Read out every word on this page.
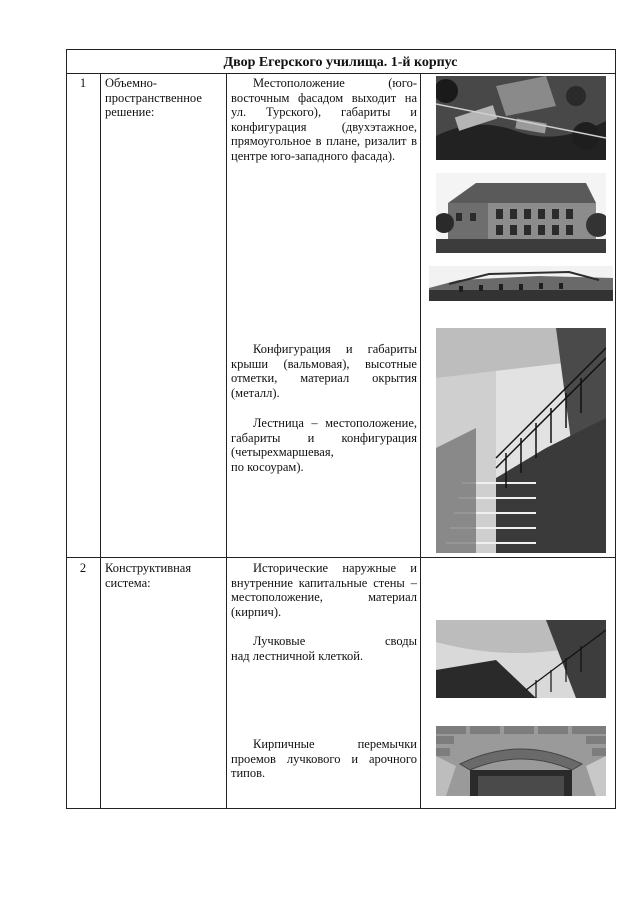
Двор Егерского училища. 1-й корпус
1	Объемно-пространственное решение:
Местоположение (юго-восточным фасадом выходит на ул. Турского), габариты и конфигурация (двухэтажное, прямоугольное в плане, ризалит в центре юго-западного фасада).
Конфигурация и габариты крыши (вальмовая), высотные отметки, материал окрытия (металл).
Лестница – местоположение, габариты и конфигурация (четырехмаршевая,
по косоурам).
2	Конструктивная система:
Исторические наружные и внутренние капитальные стены – местоположение, материал (кирпич).
Лучковые своды
над лестничной клеткой.
Кирпичные перемычки проемов лучкового и арочного типов.
